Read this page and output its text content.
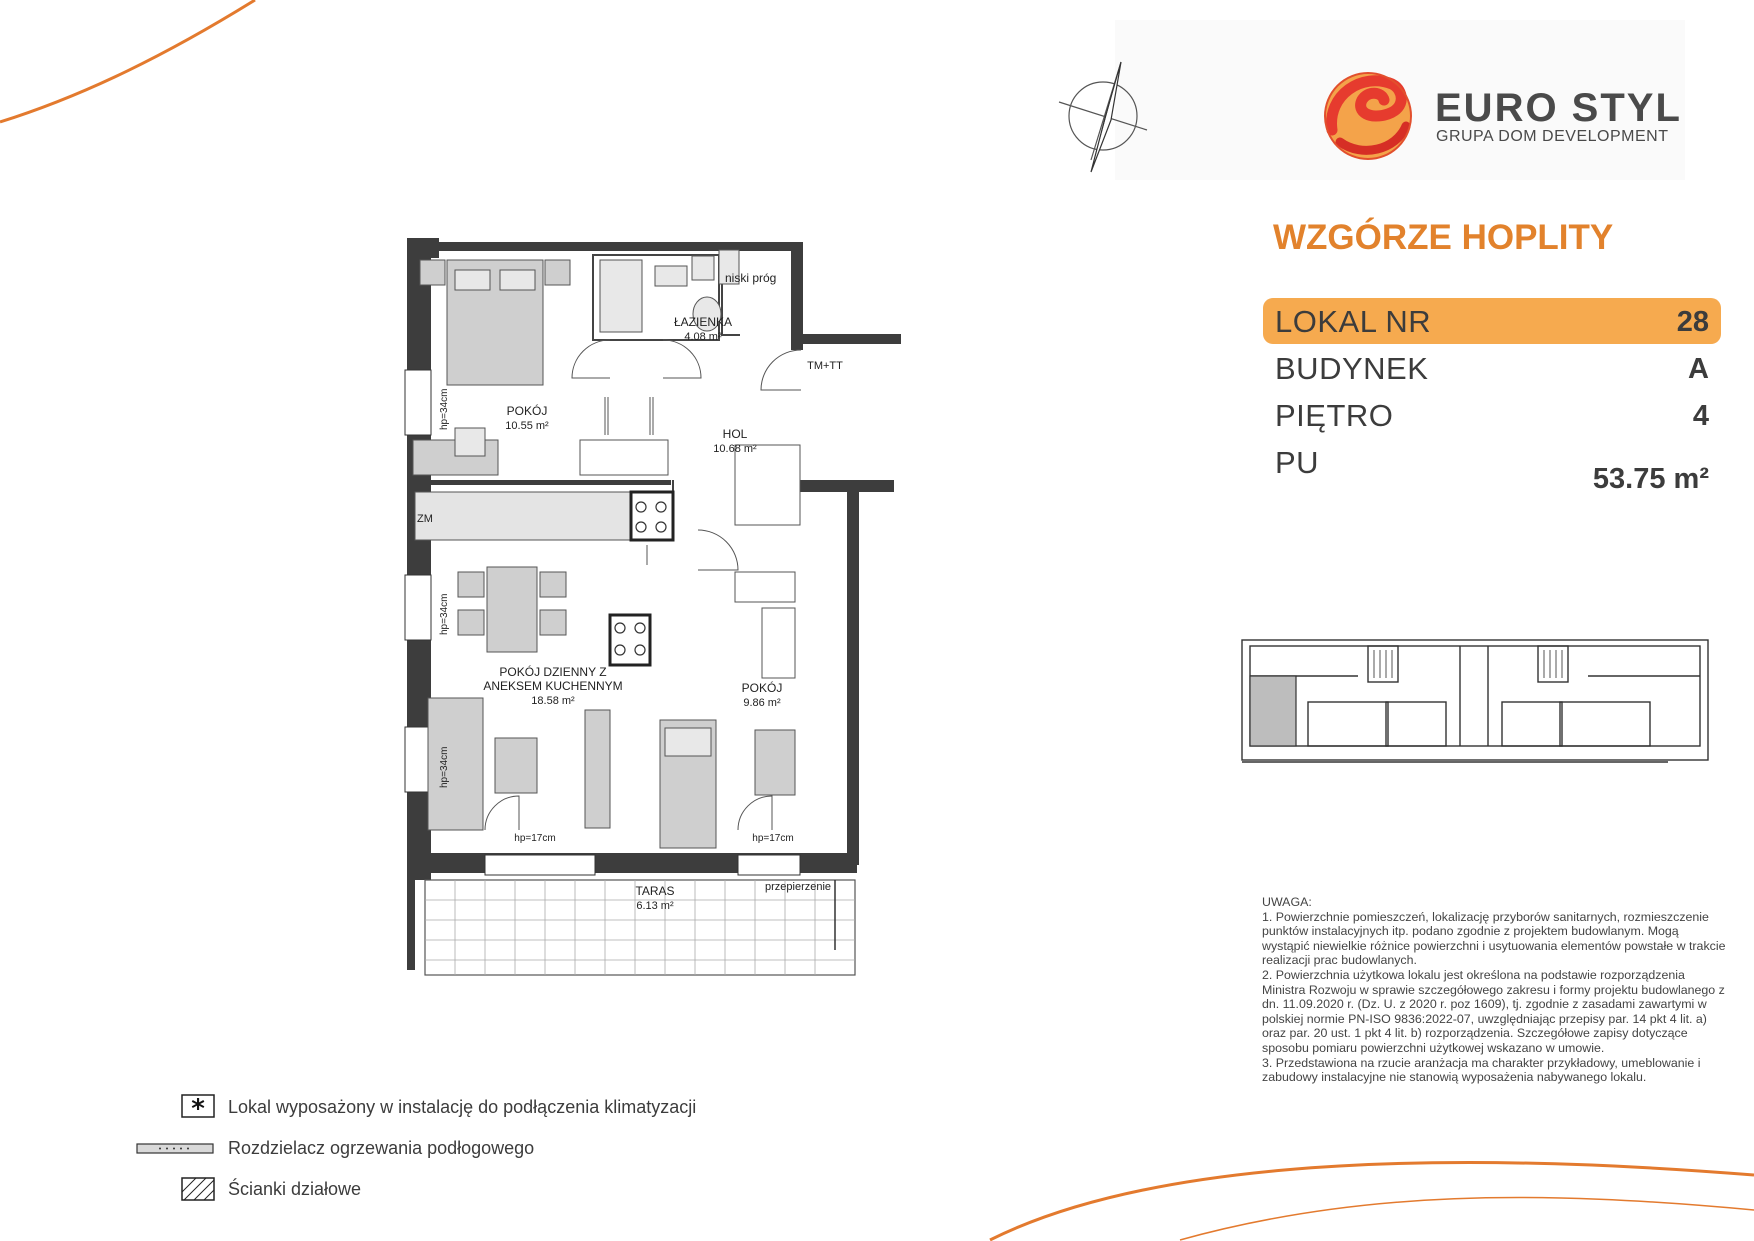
EURO STYL
GRUPA DOM DEVELOPMENT
WZGÓRZE HOPLITY
LOKAL NR	28
BUDYNEK	A
PIĘTRO	4
PU	53.75 m²

UWAGA:

1. Powierzchnie pomieszczeń, lokalizację przyborów sanitarnych, rozmieszczenie punktów instalacyjnych itp. podano zgodnie z projektem budowlanym. Mogą wystąpić niewielkie różnice powierzchni i usytuowania elementów powstałe w trakcie realizacji prac budowlanych.

2. Powierzchnia użytkowa lokalu jest określona na podstawie rozporządzenia Ministra Rozwoju w sprawie szczegółowego zakresu i formy projektu budowlanego z dn. 11.09.2020 r. (Dz. U. z 2020 r. poz 1609), tj. zgodnie z zasadami zawartymi w polskiej normie PN-ISO 9836:2022-07, uwzględniając przepisy par. 14 pkt 4 lit. a) oraz par. 20 ust. 1 pkt 4 lit. b) rozporządzenia. Szczegółowe zapisy dotyczące sposobu pomiaru powierzchni użytkowej wskazano w umowie.

3. Przedstawiona na rzucie aranżacja ma charakter przykładowy, umeblowanie i zabudowy instalacyjne nie stanowią wyposażenia nabywanego lokalu.

* Lokal wyposażony w instalację do podłączenia klimatyzacji
Rozdzielacz ogrzewania podłogowego
Ścianki działowe
POKÓJ
10.55 m²
ŁAZIENKA
4.08 m²
niski próg
HOL
10.68 m²
TM+TT
ZM
POKÓJ DZIENNY Z
ANEKSEM KUCHENNYM
18.58 m²
POKÓJ
9.86 m²
TARAS
6.13 m²
przepierzenie
hp=17cm	hp=17cm
hp=34cm
hp=34cm
hp=34cm
